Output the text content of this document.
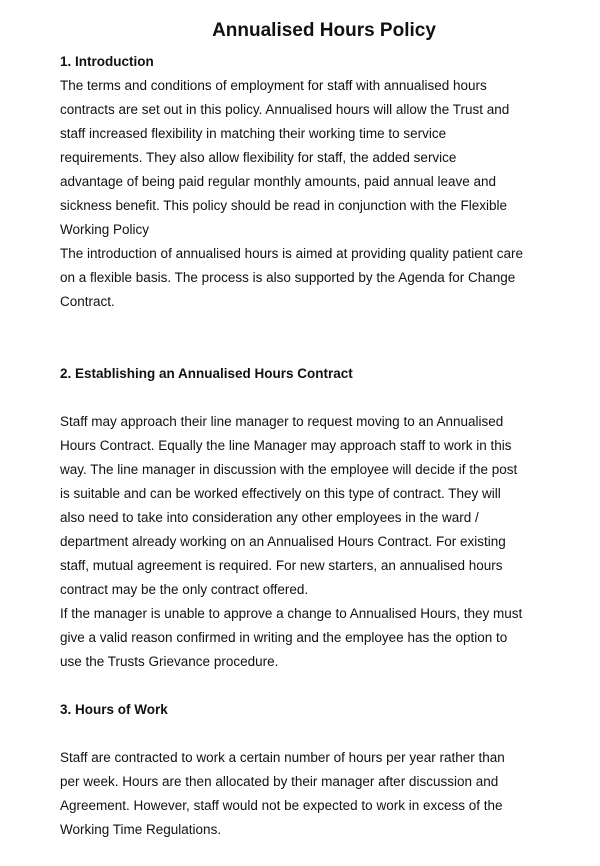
Annualised Hours Policy

1. Introduction

The terms and conditions of employment for staff with annualised hours
contracts are set out in this policy. Annualised hours will allow the Trust and
staff increased flexibility in matching their working time to service
requirements. They also allow flexibility for staff, the added service
advantage of being paid regular monthly amounts, paid annual leave and
sickness benefit. This policy should be read in conjunction with the Flexible
Working Policy

The introduction of annualised hours is aimed at providing quality patient care
on a flexible basis. The process is also supported by the Agenda for Change
Contract.

2. Establishing an Annualised Hours Contract

Staff may approach their line manager to request moving to an Annualised
Hours Contract. Equally the line Manager may approach staff to work in this
way. The line manager in discussion with the employee will decide if the post
is suitable and can be worked effectively on this type of contract. They will
also need to take into consideration any other employees in the ward /
department already working on an Annualised Hours Contract. For existing
staff, mutual agreement is required. For new starters, an annualised hours
contract may be the only contract offered.

If the manager is unable to approve a change to Annualised Hours, they must
give a valid reason confirmed in writing and the employee has the option to
use the Trusts Grievance procedure.

3. Hours of Work

Staff are contracted to work a certain number of hours per year rather than
per week. Hours are then allocated by their manager after discussion and
Agreement. However, staff would not be expected to work in excess of the
Working Time Regulations.
